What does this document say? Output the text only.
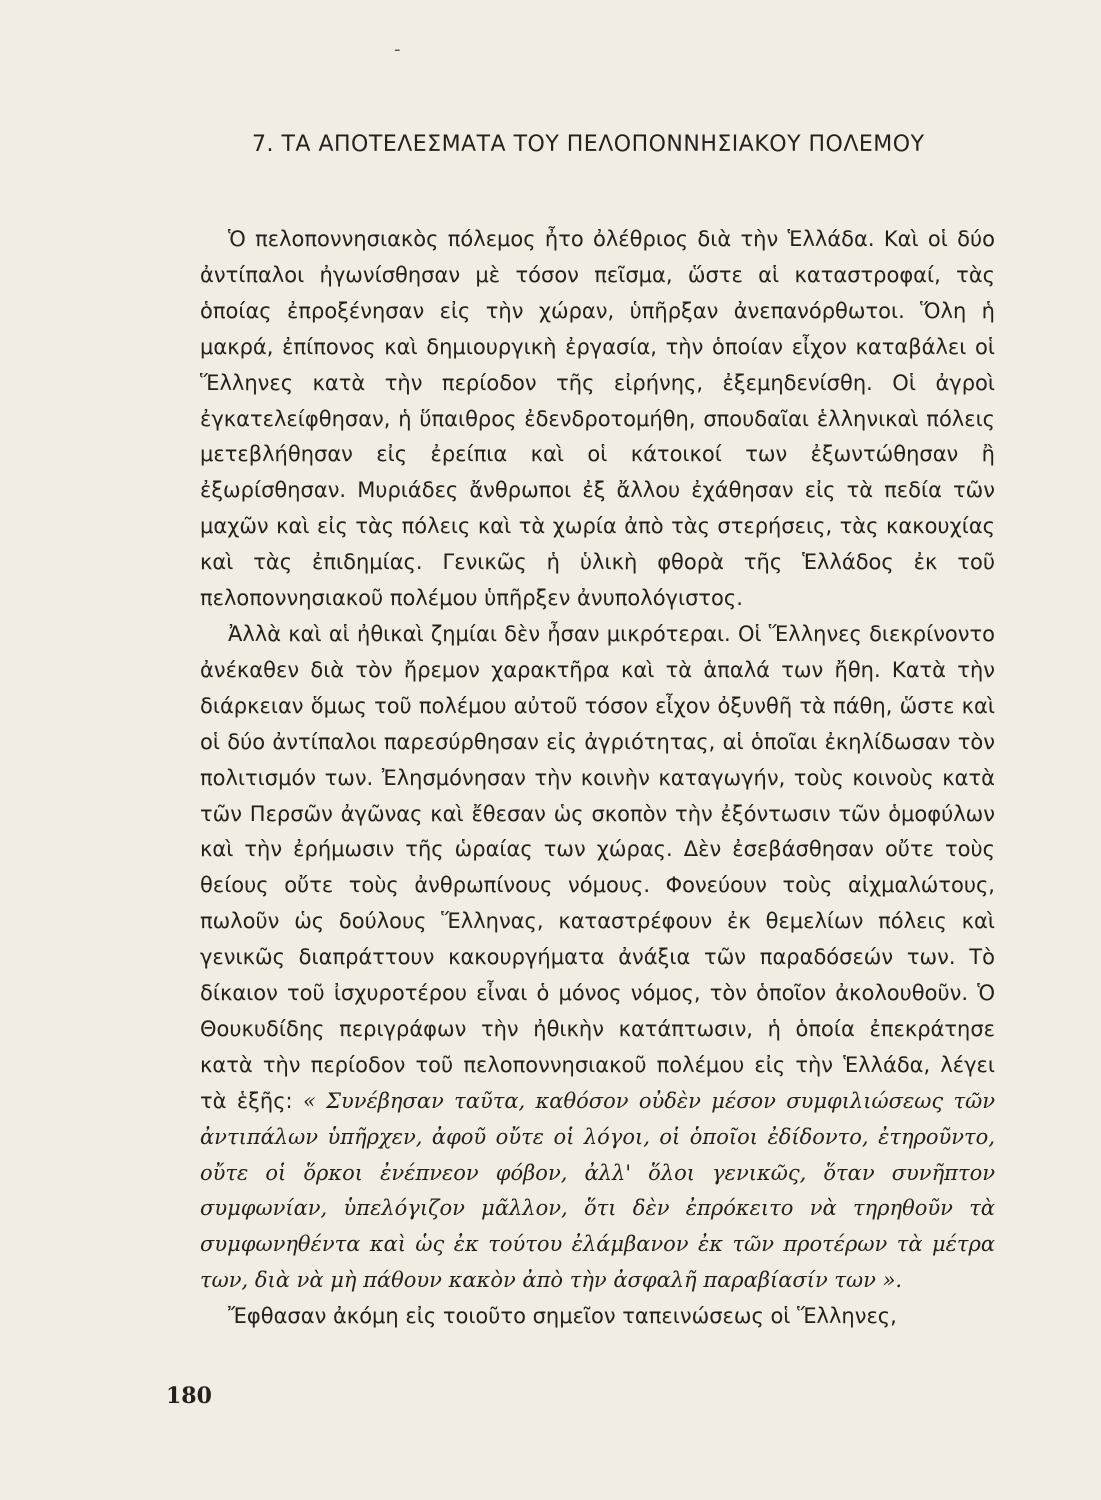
-
7. ΤΑ ΑΠΟΤΕΛΕΣΜΑΤΑ ΤΟΥ ΠΕΛΟΠΟΝΝΗΣΙΑΚΟΥ ΠΟΛΕΜΟΥ

Ὁ πελοποννησιακὸς πόλεμος ἦτο ὀλέθριος διὰ τὴν Ἑλλάδα. Καὶ οἱ δύο ἀντίπαλοι ἠγωνίσθησαν μὲ τόσον πεῖσμα, ὥστε αἱ καταστροφαί, τὰς ὁποίας ἐπροξένησαν εἰς τὴν χώραν, ὑπῆρξαν ἀνεπανόρθωτοι. Ὅλη ἡ μακρά, ἐπίπονος καὶ δημιουργικὴ ἐργασία, τὴν ὁποίαν εἶχον καταβάλει οἱ Ἕλληνες κατὰ τὴν περίοδον τῆς εἰρήνης, ἐξεμηδενίσθη. Οἱ ἀγροὶ ἐγκατελείφθησαν, ἡ ὕπαιθρος ἐδενδροτομήθη, σπουδαῖαι ἑλληνικαὶ πόλεις μετεβλήθησαν εἰς ἐρείπια καὶ οἱ κάτοικοί των ἐξωντώθησαν ἢ ἐξωρίσθησαν. Μυριάδες ἄνθρωποι ἐξ ἄλλου ἐχάθησαν εἰς τὰ πεδία τῶν μαχῶν καὶ εἰς τὰς πόλεις καὶ τὰ χωρία ἀπὸ τὰς στερήσεις, τὰς κακουχίας καὶ τὰς ἐπιδημίας. Γενικῶς ἡ ὑλικὴ φθορὰ τῆς Ἑλλάδος ἐκ τοῦ πελοποννησιακοῦ πολέμου ὑπῆρξεν ἀνυπολόγιστος.

Ἀλλὰ καὶ αἱ ἠθικαὶ ζημίαι δὲν ἦσαν μικρότεραι. Οἱ Ἕλληνες διεκρίνοντο ἀνέκαθεν διὰ τὸν ἤρεμον χαρακτῆρα καὶ τὰ ἁπαλά των ἤθη. Κατὰ τὴν διάρκειαν ὅμως τοῦ πολέμου αὐτοῦ τόσον εἶχον ὀξυνθῆ τὰ πάθη, ὥστε καὶ οἱ δύο ἀντίπαλοι παρεσύρθησαν εἰς ἀγριότητας, αἱ ὁποῖαι ἐκηλίδωσαν τὸν πολιτισμόν των. Ἐλησμόνησαν τὴν κοινὴν καταγωγήν, τοὺς κοινοὺς κατὰ τῶν Περσῶν ἀγῶνας καὶ ἔθεσαν ὡς σκοπὸν τὴν ἐξόντωσιν τῶν ὁμοφύλων καὶ τὴν ἐρήμωσιν τῆς ὡραίας των χώρας. Δὲν ἐσεβάσθησαν οὔτε τοὺς θείους οὔτε τοὺς ἀνθρωπίνους νόμους. Φονεύουν τοὺς αἰχμαλώτους, πωλοῦν ὡς δούλους Ἕλληνας, καταστρέφουν ἐκ θεμελίων πόλεις καὶ γενικῶς διαπράττουν κακουργήματα ἀνάξια τῶν παραδόσεών των. Τὸ δίκαιον τοῦ ἰσχυροτέρου εἶναι ὁ μόνος νόμος, τὸν ὁποῖον ἀκολουθοῦν. Ὁ Θουκυδίδης περιγράφων τὴν ἠθικὴν κατάπτωσιν, ἡ ὁποία ἐπεκράτησε κατὰ τὴν περίοδον τοῦ πελοποννησιακοῦ πολέμου εἰς τὴν Ἑλλάδα, λέγει τὰ ἑξῆς: « Συνέβησαν ταῦτα, καθόσον οὐδὲν μέσον συμφιλιώσεως τῶν ἀντιπάλων ὑπῆρχεν, ἀφοῦ οὔτε οἱ λόγοι, οἱ ὁποῖοι ἐδίδοντο, ἐτηροῦντο, οὔτε οἱ ὅρκοι ἐνέπνεον φόβον, ἀλλ' ὅλοι γενικῶς, ὅταν συνῆπτον συμφωνίαν, ὑπελόγιζον μᾶλλον, ὅτι δὲν ἐπρόκειτο νὰ τηρηθοῦν τὰ συμφωνηθέντα καὶ ὡς ἐκ τούτου ἐλάμβανον ἐκ τῶν προτέρων τὰ μέτρα των, διὰ νὰ μὴ πάθουν κακὸν ἀπὸ τὴν ἀσφαλῆ παραβίασίν των ».

Ἔφθασαν ἀκόμη εἰς τοιοῦτο σημεῖον ταπεινώσεως οἱ Ἕλληνες,

180
